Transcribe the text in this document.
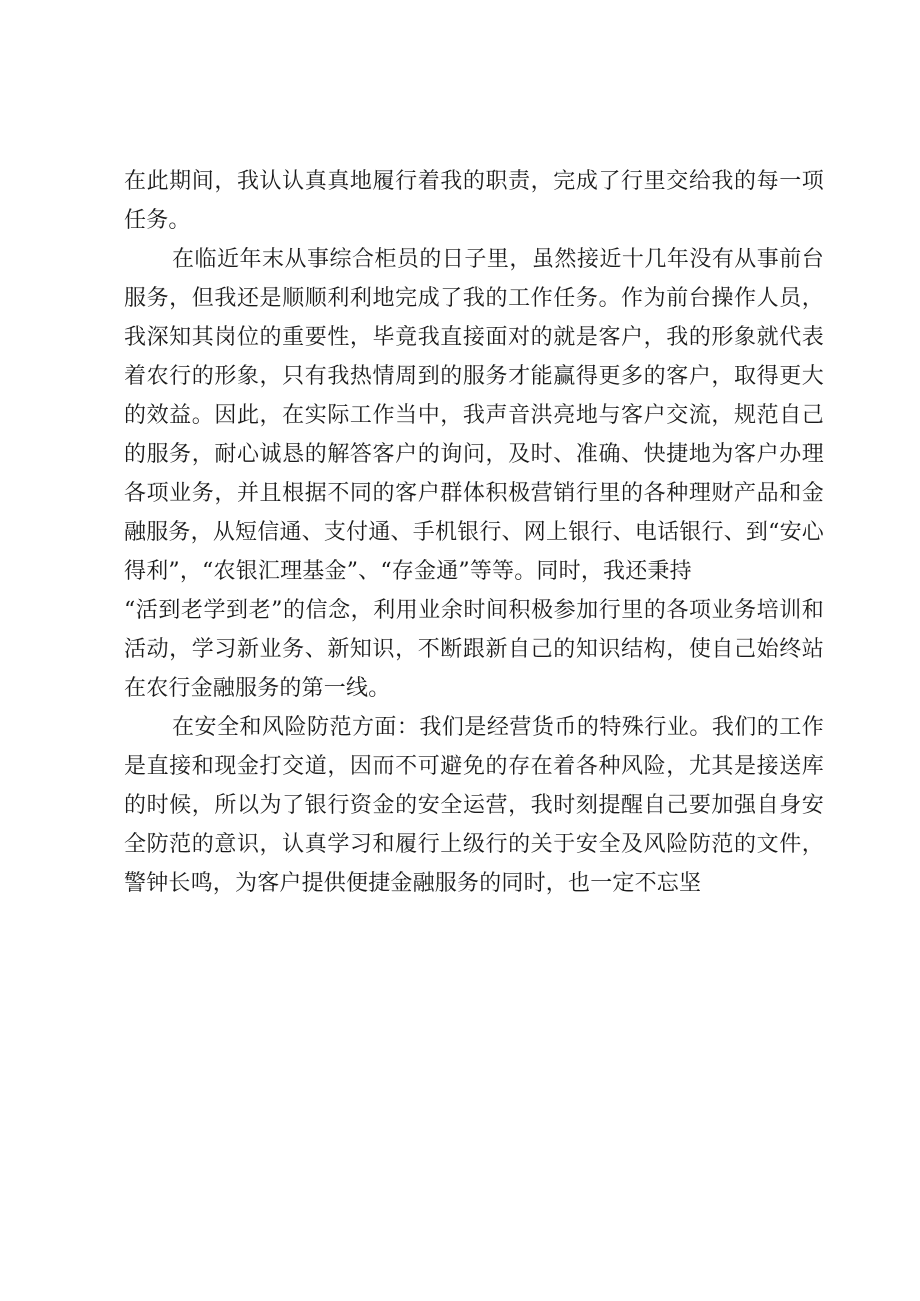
在此期间，我认认真真地履行着我的职责，完成了行里交给我的每一项任务。

在临近年末从事综合柜员的日子里，虽然接近十几年没有从事前台服务，但我还是顺顺利利地完成了我的工作任务。作为前台操作人员，我深知其岗位的重要性，毕竟我直接面对的就是客户，我的形象就代表着农行的形象，只有我热情周到的服务才能赢得更多的客户，取得更大的效益。因此，在实际工作当中，我声音洪亮地与客户交流，规范自己的服务，耐心诚恳的解答客户的询问，及时、准确、快捷地为客户办理各项业务，并且根据不同的客户群体积极营销行里的各种理财产品和金融服务，从短信通、支付通、手机银行、网上银行、电话银行、到“安心得利”，“农银汇理基金”、“存金通”等等。同时，我还秉持

“活到老学到老”的信念，利用业余时间积极参加行里的各项业务培训和活动，学习新业务、新知识，不断跟新自己的知识结构，使自己始终站在农行金融服务的第一线。

在安全和风险防范方面：我们是经营货币的特殊行业。我们的工作是直接和现金打交道，因而不可避免的存在着各种风险，尤其是接送库的时候，所以为了银行资金的安全运营，我时刻提醒自己要加强自身安全防范的意识，认真学习和履行上级行的关于安全及风险防范的文件，警钟长鸣，为客户提供便捷金融服务的同时，也一定不忘坚
